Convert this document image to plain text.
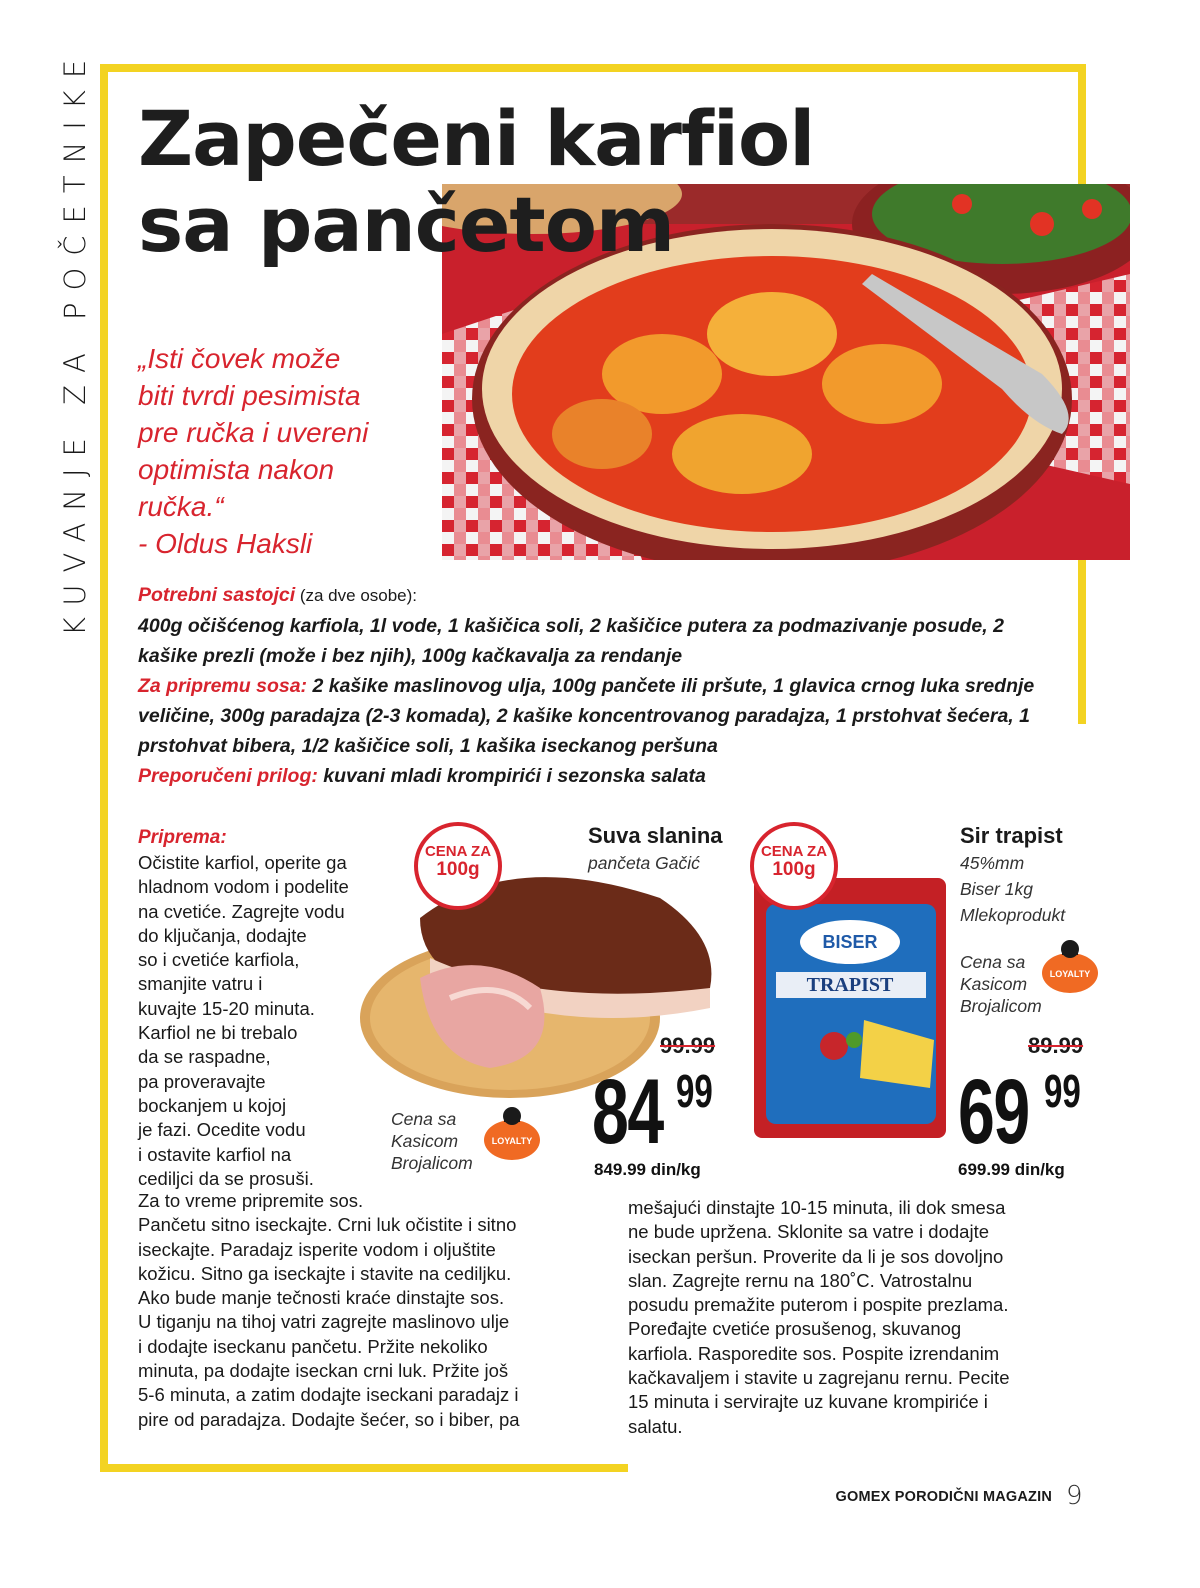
KUVANJE ZA POČETNIKE Zapečeni karfiol
sa pančetom
„Isti čovek može
biti tvrdi pesimista
pre ručka i uvereni
optimista nakon
ručka.“
- Oldus Haksli
Potrebni sastojci (za dve osobe):
400g očišćenog karfiola, 1l vode, 1 kašičica soli, 2 kašičice putera za podmazivanje posude, 2 kašike prezli (može i bez njih), 100g kačkavalja za rendanje
Za pripremu sosa: 2 kašike maslinovog ulja, 100g pančete ili pršute, 1 glavica crnog luka srednje veličine, 300g paradajza (2-3 komada), 2 kašike koncentrovanog paradajza, 1 prstohvat šećera, 1 prstohvat bibera, 1/2 kašičice soli, 1 kašika iseckanog peršuna
Preporučeni prilog: kuvani mladi krompirići i sezonska salata
Priprema:
Očistite karfiol, operite ga
hladnom vodom i podelite
na cvetiće. Zagrejte vodu
do ključanja, dodajte
so i cvetiće karfiola,
smanjite vatru i
kuvajte 15-20 minuta.
Karfiol ne bi trebalo
da se raspadne,
pa proveravajte
bockanjem u kojoj
je fazi. Ocedite vodu
i ostavite karfiol na
cediljci da se prosuši.
Za to vreme pripremite sos.
Pančetu sitno iseckajte. Crni luk očistite i sitno
iseckajte. Paradajz isperite vodom i oljuštite
kožicu. Sitno ga iseckajte i stavite na cediljku.
Ako bude manje tečnosti kraće dinstajte sos.
U tiganju na tihoj vatri zagrejte maslinovo ulje
i dodajte iseckanu pančetu. Pržite nekoliko
minuta, pa dodajte iseckan crni luk. Pržite još
5-6 minuta, a zatim dodajte iseckani paradajz i
pire od paradajza. Dodajte šećer, so i biber, pa
mešajući dinstajte 10-15 minuta, ili dok smesa
ne bude upržena. Sklonite sa vatre i dodajte
iseckan peršun. Proverite da li je sos dovoljno
slan. Zagrejte rernu na 180˚C. Vatrostalnu
posudu premažite puterom i pospite prezlama.
Poređajte cvetiće prosušenog, skuvanog
karfiola. Rasporedite sos. Pospite izrendanim
kačkavaljem i stavite u zagrejanu rernu. Pecite
15 minuta i servirajte uz kuvane krompiriće i
salatu.
CENA ZA
100g
Suva slanina
pančeta Gačić
Cena sa
Kasicom
Brojalicom
LOYALTY
99.99
84 99
849.99 din/kg
BISER
TRAPIST
CENA ZA
100g
Sir trapist
45%mm
Biser 1kg
Mlekoprodukt
Cena sa
Kasicom
Brojalicom
LOYALTY
89.99
69 99
699.99 din/kg
GOMEX PORODIČNI MAGAZIN 9
